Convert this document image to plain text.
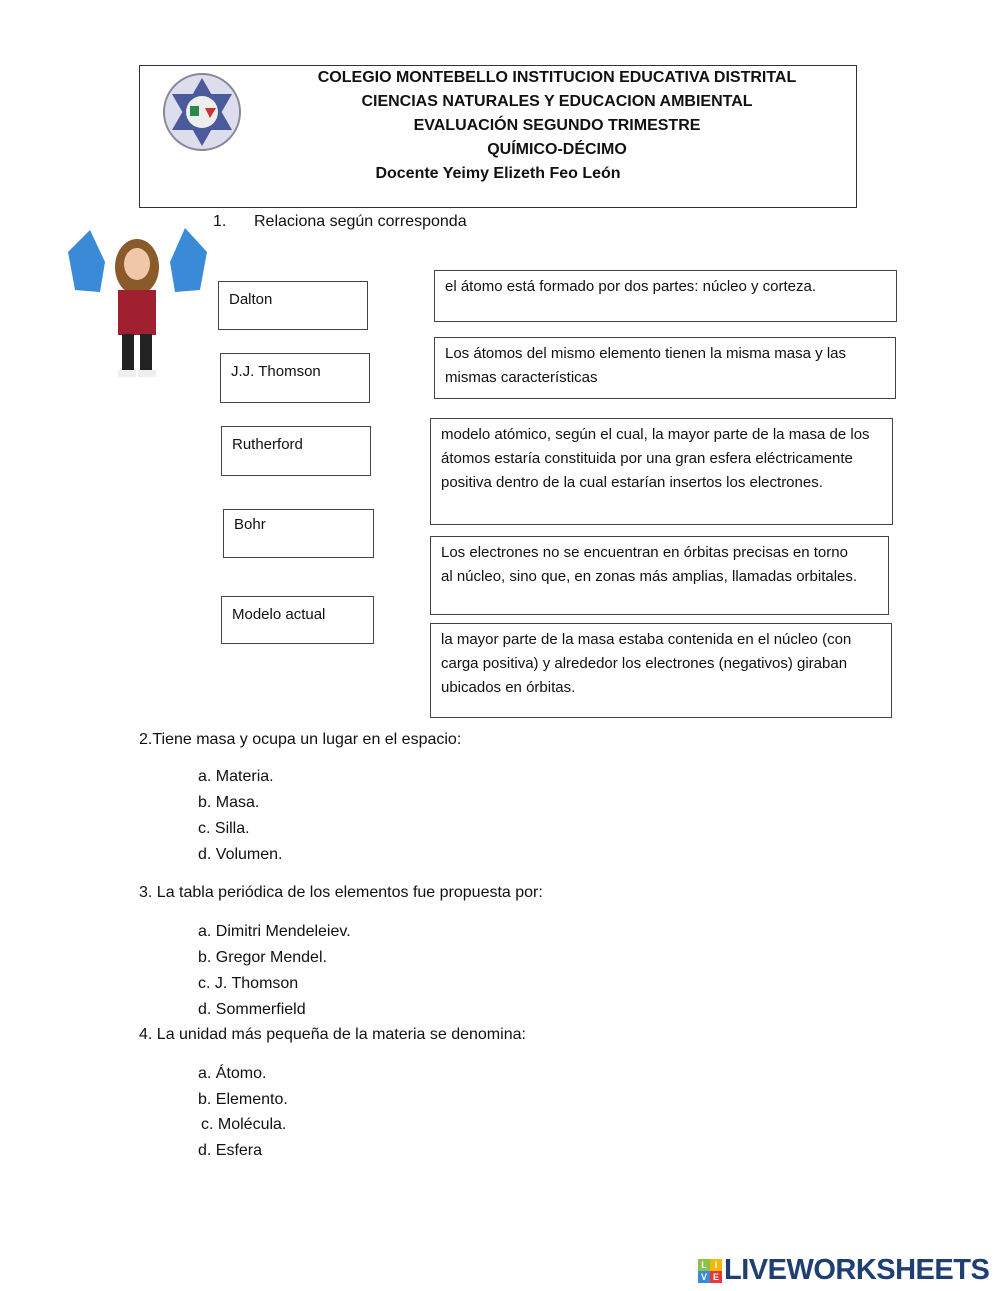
COLEGIO MONTEBELLO INSTITUCION EDUCATIVA DISTRITAL
CIENCIAS NATURALES Y EDUCACION AMBIENTAL
EVALUACIÓN SEGUNDO TRIMESTRE
QUÍMICO-DÉCIMO
Docente Yeimy Elizeth Feo León
1. Relaciona según corresponda
Dalton
J.J. Thomson
Rutherford
Bohr
Modelo actual
el átomo está formado por dos partes: núcleo y corteza.
Los átomos del mismo elemento tienen la misma masa y las mismas características
modelo atómico, según el cual, la mayor parte de la masa de los átomos estaría constituida por una gran esfera eléctricamente positiva dentro de la cual estarían insertos los electrones.
Los electrones no se encuentran en órbitas precisas en torno al núcleo, sino que, en zonas más amplias, llamadas orbitales.
la mayor parte de la masa estaba contenida en el núcleo (con carga positiva) y alrededor los electrones (negativos) giraban ubicados en órbitas.
2.Tiene masa y ocupa un lugar en el espacio:
a. Materia.
b. Masa.
c. Silla.
d. Volumen.
3. La tabla periódica de los elementos fue propuesta por:
a. Dimitri Mendeleiev.
b. Gregor Mendel.
c. J. Thomson
d. Sommerfield
4. La unidad más pequeña de la materia se denomina:
a. Átomo.
b. Elemento.
c. Molécula.
d. Esfera
L I
V E LIVEWORKSHEETS
